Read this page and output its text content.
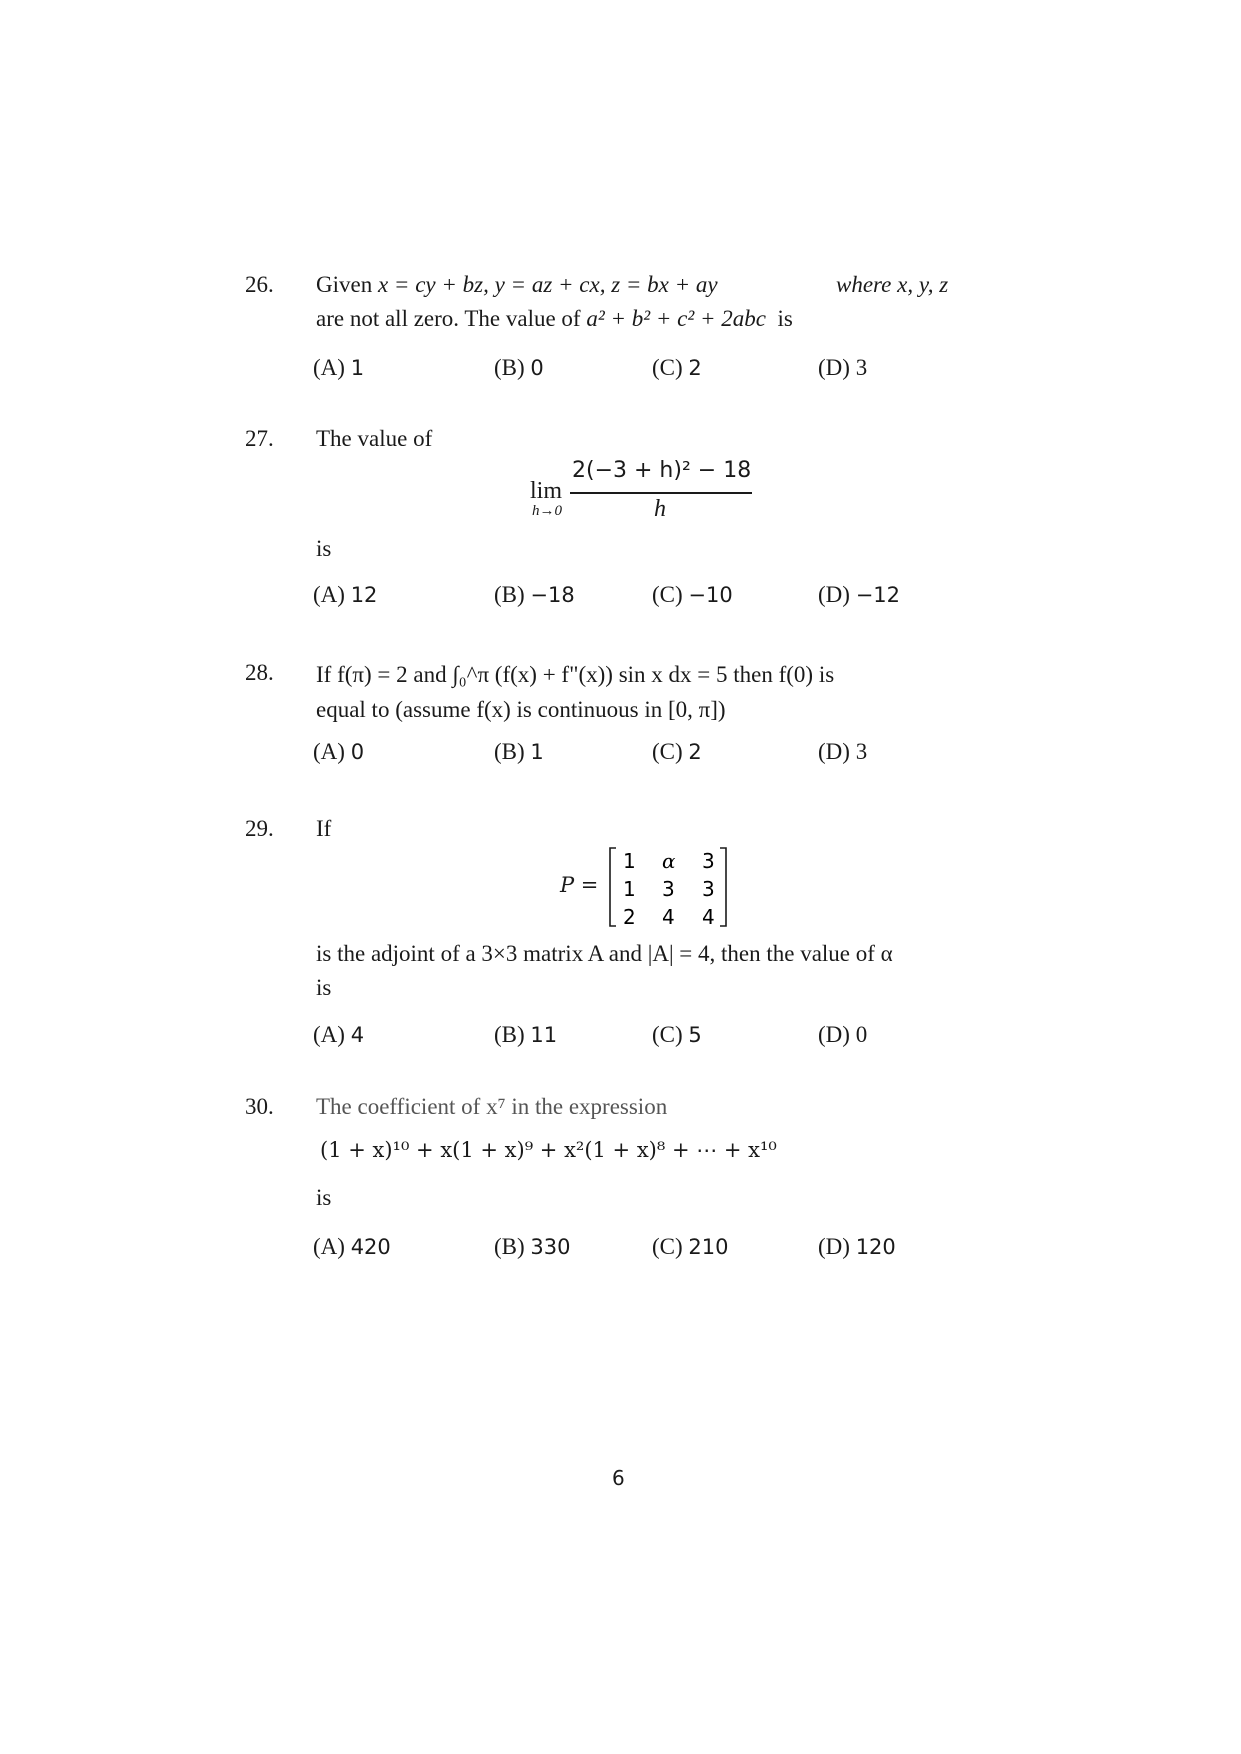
26. Given x = cy + bz, y = az + cx, z = bx + ay	where x, y, z
are not all zero. The value of a² + b² + c² + 2abc is
(A) 1	(B) 0	(C) 2	(D) 3
27. The value of
lim
h→0
2(−3 + h)² − 18
h
is
(A) 12	(B) −18	(C) −10	(D) −12
28. If f(π) = 2 and ∫₀^π (f(x) + f"(x)) sin x dx = 5 then f(0) is
equal to (assume f(x) is continuous in [0, π])
(A) 0	(B) 1	(C) 2	(D) 3
29. If
P =
1 α 3
1 3 3
2 4 4
is the adjoint of a 3×3 matrix A and |A| = 4, then the value of α
is
(A) 4	(B) 11	(C) 5	(D) 0
30. The coefficient of x⁷ in the expression
(1 + x)¹⁰ + x(1 + x)⁹ + x²(1 + x)⁸ + ⋯ + x¹⁰
is
(A) 420	(B) 330	(C) 210	(D) 120
6
